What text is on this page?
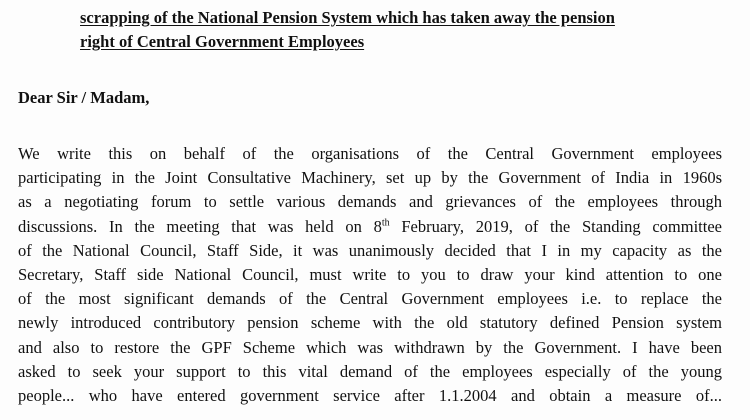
scrapping of the National Pension System which has taken away the pension
right of Central Government Employees
Dear Sir / Madam,
We write this on behalf of the organisations of the Central Government employees
participating in the Joint Consultative Machinery, set up by the Government of India in 1960s
as a negotiating forum to settle various demands and grievances of the employees through
discussions. In the meeting that was held on 8th February, 2019, of the Standing committee
of the National Council, Staff Side, it was unanimously decided that I in my capacity as the
Secretary, Staff side National Council, must write to you to draw your kind attention to one
of the most significant demands of the Central Government employees i.e. to replace the
newly introduced contributory pension scheme with the old statutory defined Pension system
and also to restore the GPF Scheme which was withdrawn by the Government. I have been
asked to seek your support to this vital demand of the employees especially of the young
people... who have entered government service after 1.1.2004 and obtain a measure of...
